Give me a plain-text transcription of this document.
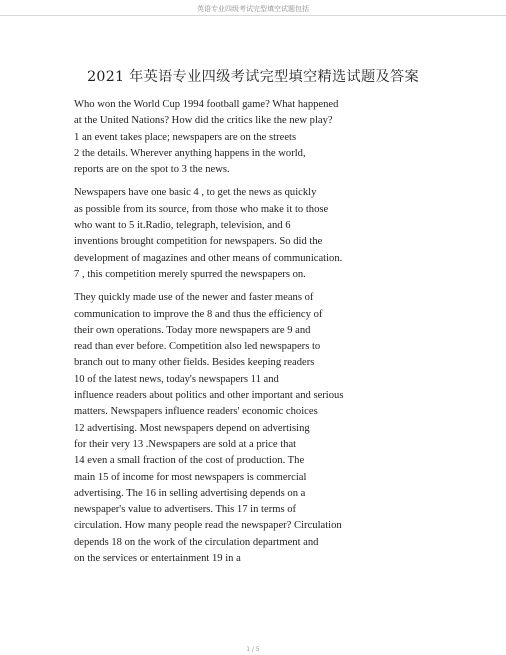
英语专业四级考试完型填空试题包括
2021 年英语专业四级考试完型填空精选试题及答案
Who won the World Cup 1994 football game? What happened
at the United Nations? How did the critics like the new play?
1 an event takes place; newspapers are on the streets
2 the details. Wherever anything happens in the world,
reports are on the spot to 3 the news.
Newspapers have one basic 4 , to get the news as quickly
as possible from its source, from those who make it to those
who want to 5 it.Radio, telegraph, television, and 6
inventions brought competition for newspapers. So did the
development of magazines and other means of communication.
7 , this competition merely spurred the newspapers on.
They quickly made use of the newer and faster means of
communication to improve the 8 and thus the efficiency of
their own operations. Today more newspapers are 9 and
read than ever before. Competition also led newspapers to
branch out to many other fields. Besides keeping readers
10 of the latest news, today's newspapers 11 and
influence readers about politics and other important and serious
matters. Newspapers influence readers' economic choices
12 advertising. Most newspapers depend on advertising
for their very 13 .Newspapers are sold at a price that
14 even a small fraction of the cost of production. The
main 15 of income for most newspapers is commercial
advertising. The 16 in selling advertising depends on a
newspaper's value to advertisers. This 17 in terms of
circulation. How many people read the newspaper? Circulation
depends 18 on the work of the circulation department and
on the services or entertainment 19 in a
1 / 5
